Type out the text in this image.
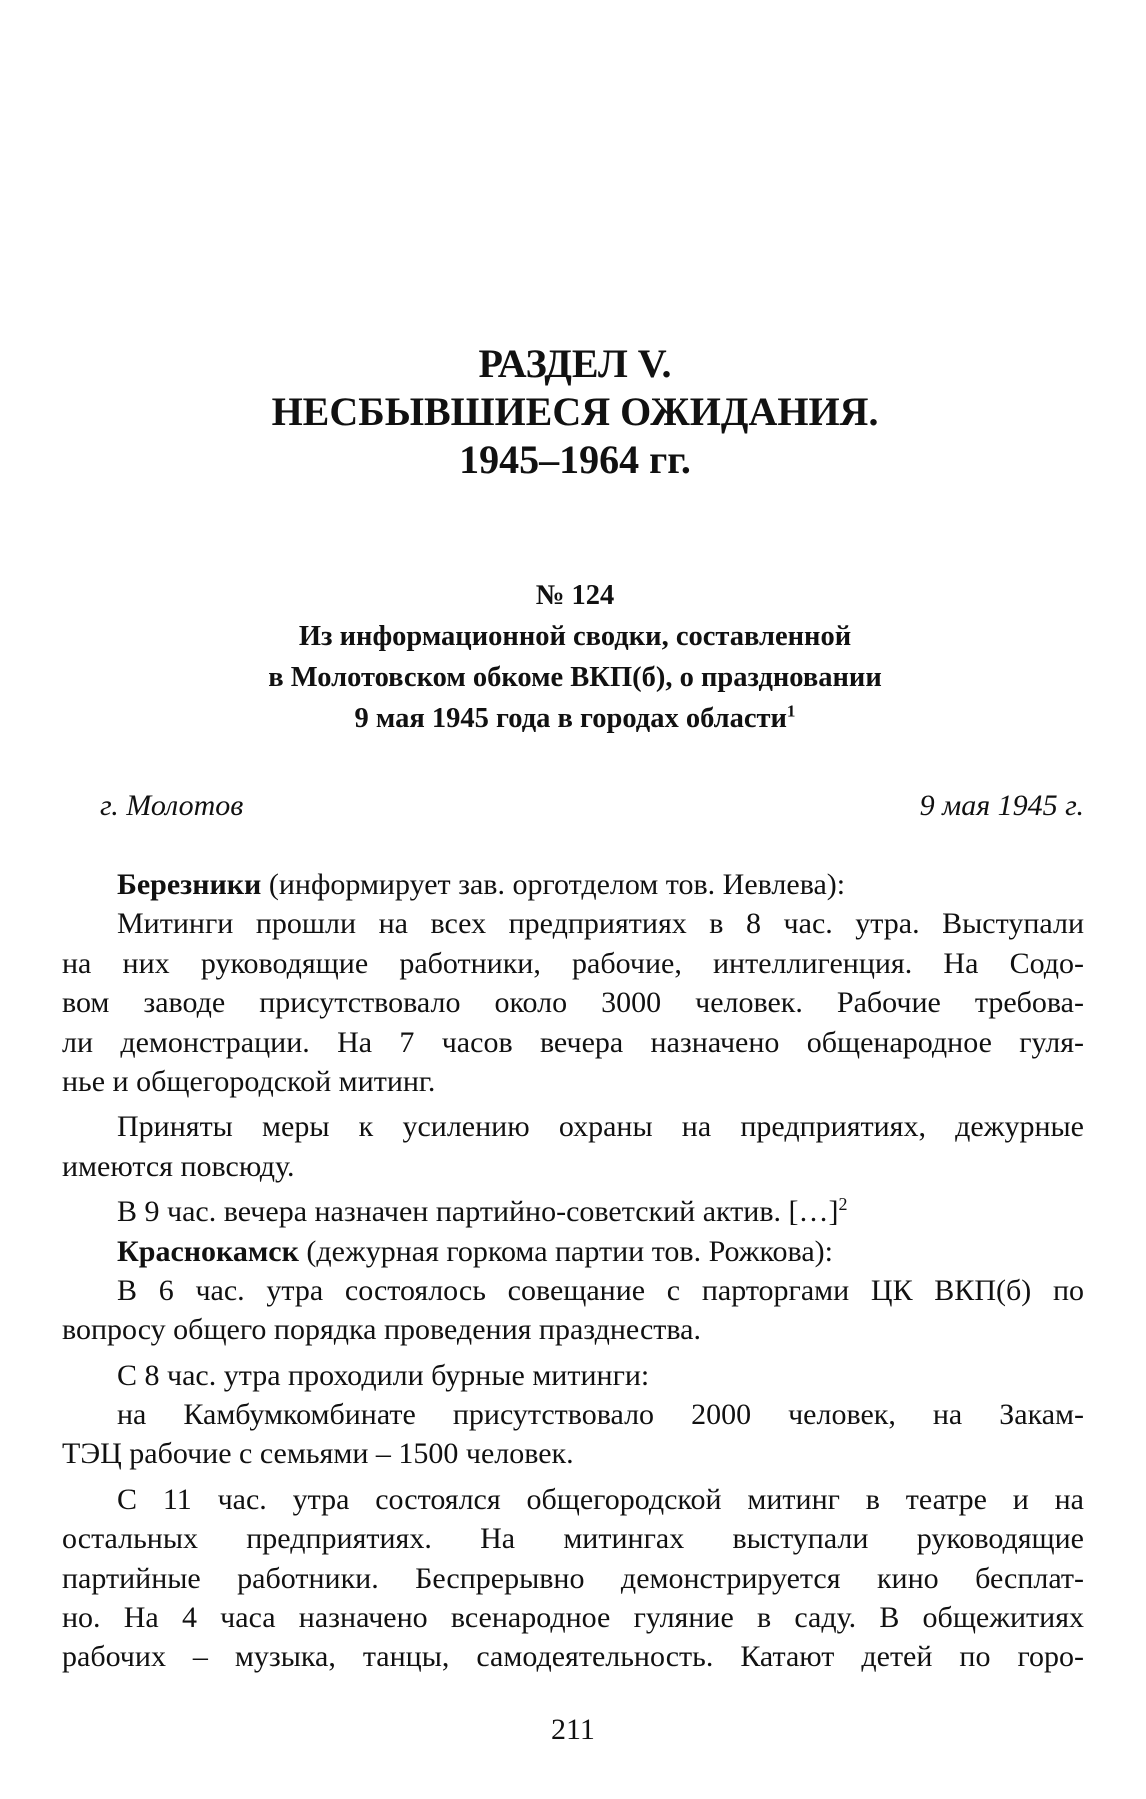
РАЗДЕЛ V.
НЕСБЫВШИЕСЯ ОЖИДАНИЯ.
1945–1964 гг.
№ 124
Из информационной сводки, составленной
в Молотовском обкоме ВКП(б), о праздновании
9 мая 1945 года в городах области$^1$
г. Молотов	9 мая 1945 г.
Березники (информирует зав. орготделом тов. Иевлева):
Митинги прошли на всех предприятиях в 8 час. утра. Выступали
на них руководящие работники, рабочие, интеллигенция. На Содо-
вом заводе присутствовало около 3000 человек. Рабочие требова-
ли демонстрации. На 7 часов вечера назначено общенародное гуля-
нье и общегородской митинг.
Приняты меры к усилению охраны на предприятиях, дежурные
имеются повсюду.
В 9 час. вечера назначен партийно-советский актив. […]$^2$
Краснокамск (дежурная горкома партии тов. Рожкова):
В 6 час. утра состоялось совещание с парторгами ЦК ВКП(б) по
вопросу общего порядка проведения празднества.
С 8 час. утра проходили бурные митинги:
на Камбумкомбинате присутствовало 2000 человек, на Закам-
ТЭЦ рабочие с семьями – 1500 человек.
С 11 час. утра состоялся общегородской митинг в театре и на
остальных предприятиях. На митингах выступали руководящие
партийные работники. Беспрерывно демонстрируется кино бесплат-
но. На 4 часа назначено всенародное гуляние в саду. В общежитиях
рабочих – музыка, танцы, самодеятельность. Катают детей по горо-
211
